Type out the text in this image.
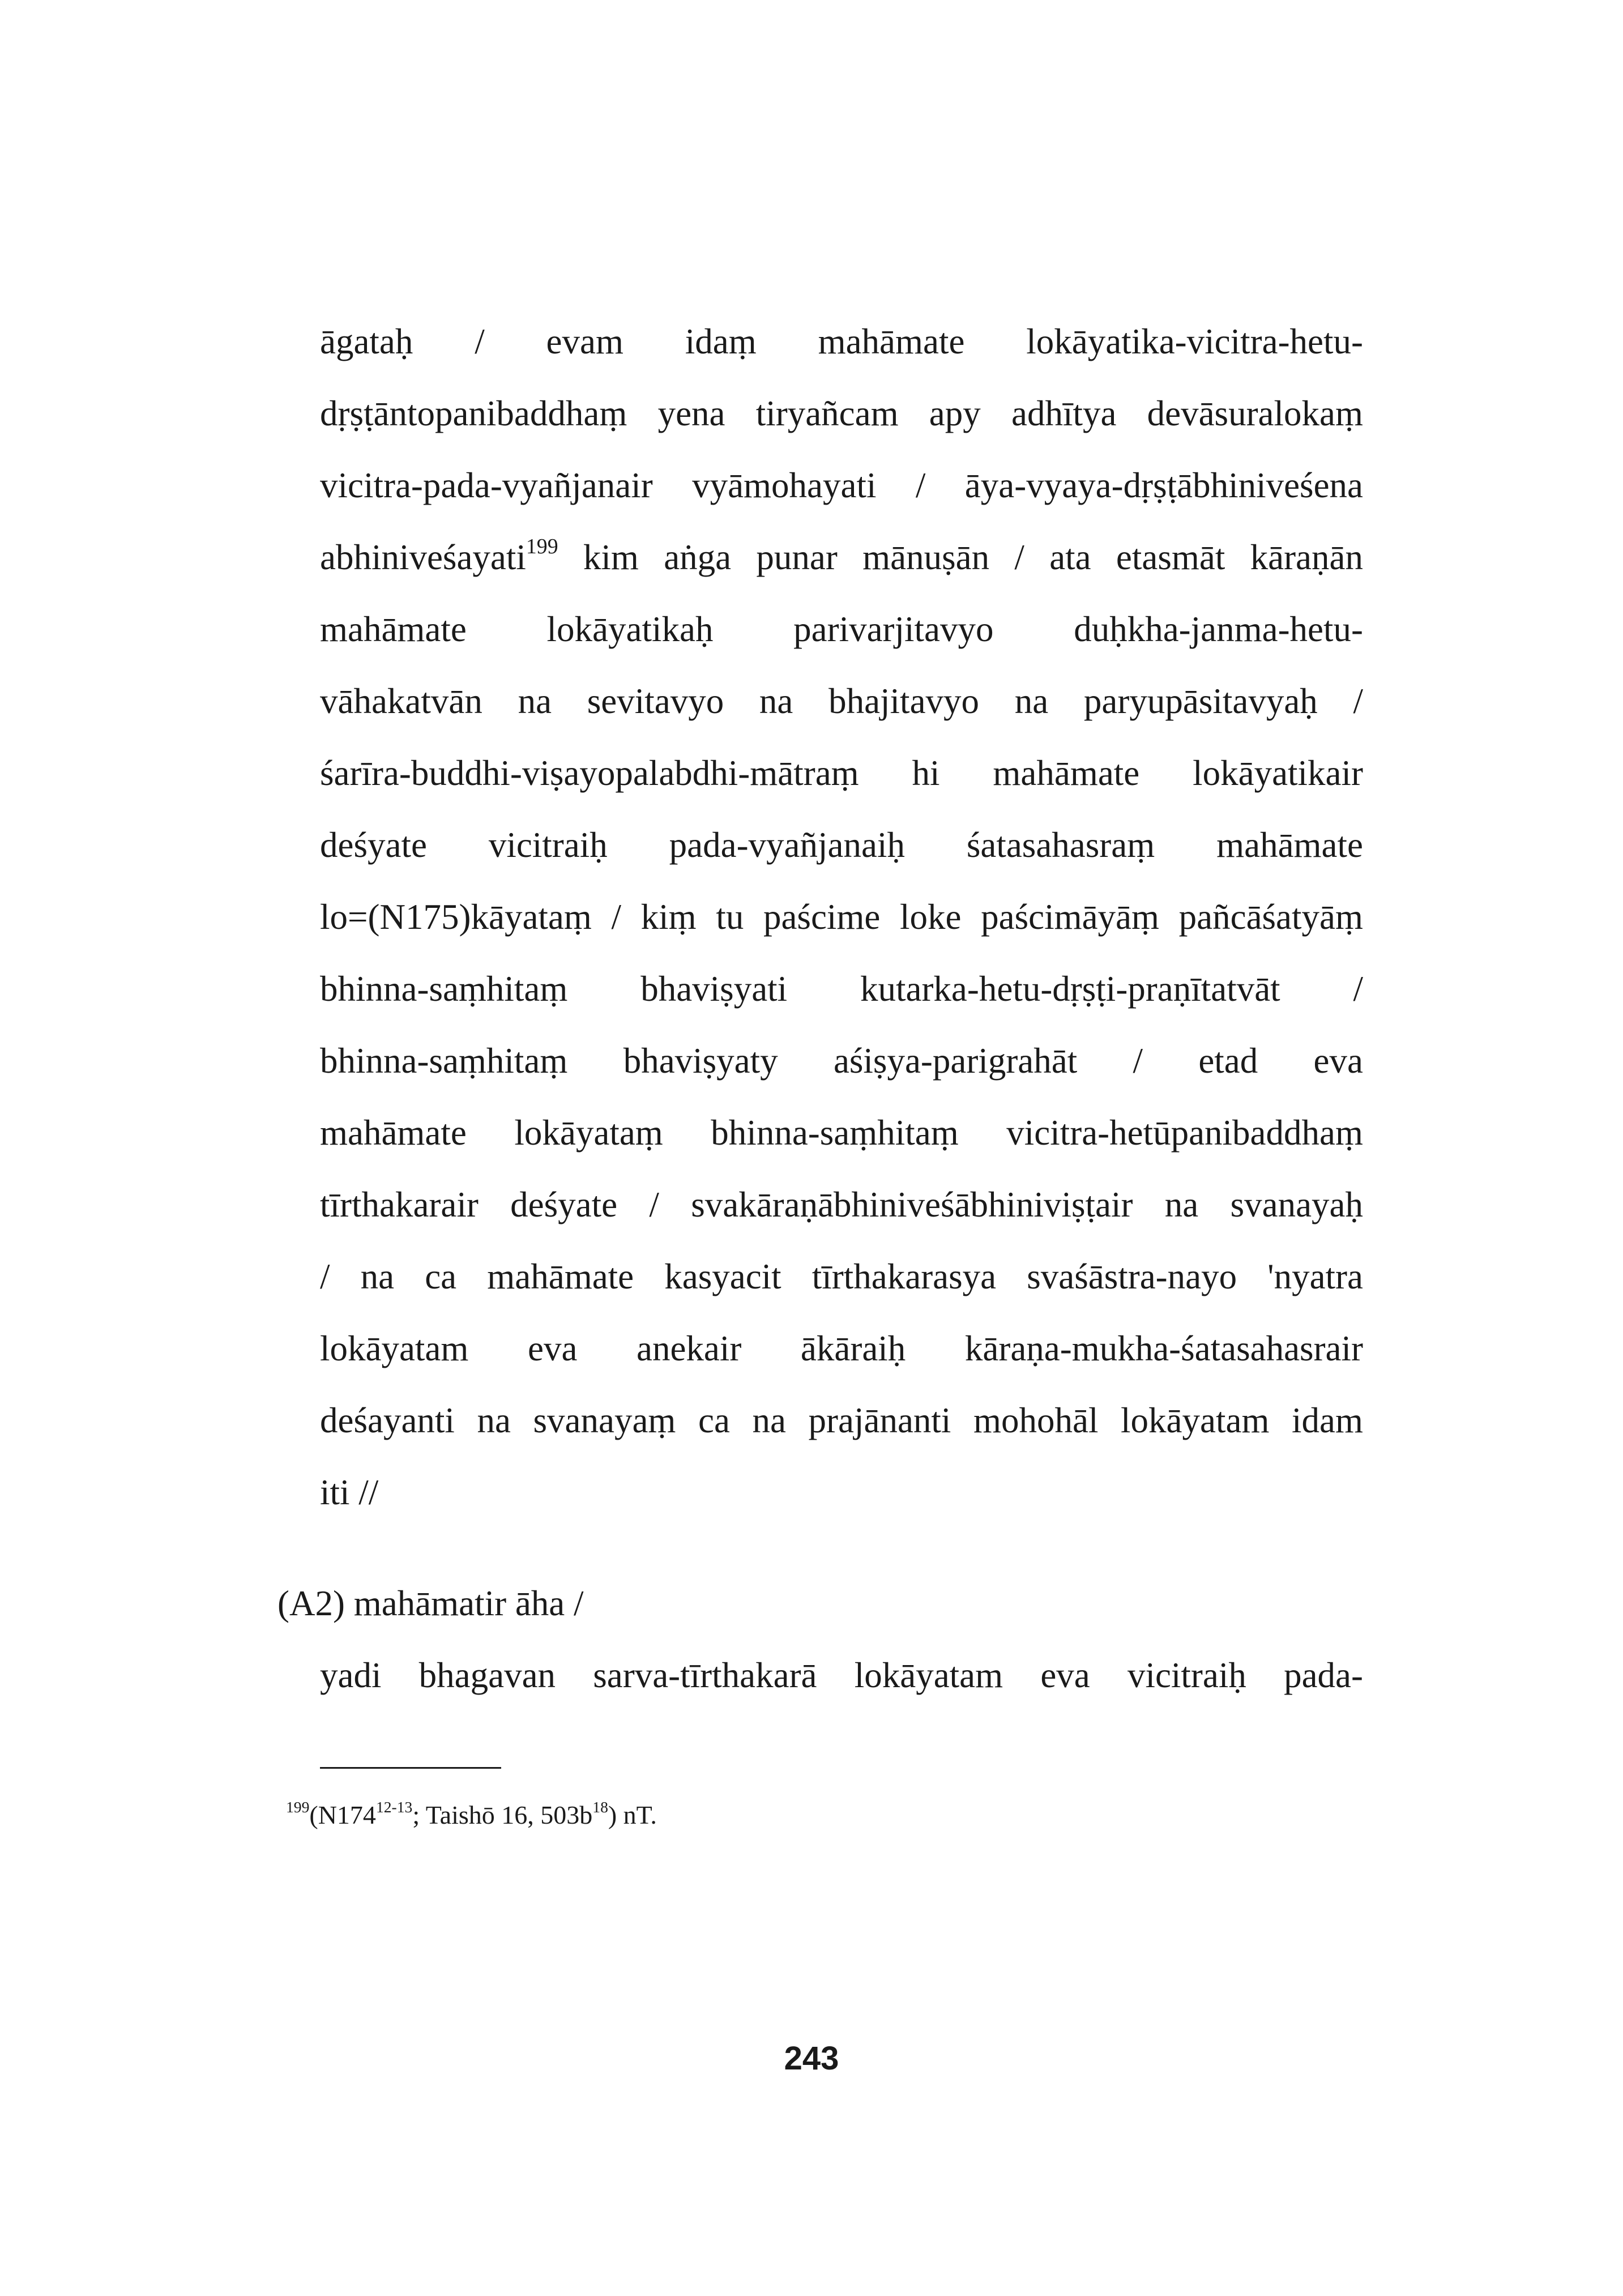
āgataḥ / evam idaṃ mahāmate lokāyatika-vicitra-hetu-
dṛṣṭāntopanibaddhaṃ yena tiryañcam apy adhītya devāsuralokaṃ
vicitra-pada-vyañjanair vyāmohayati / āya-vyaya-dṛṣṭābhiniveśena
abhiniveśayati$^{199}$ kim aṅga punar mānuṣān / ata etasmāt kāraṇān
mahāmate lokāyatikaḥ parivarjitavyo duḥkha-janma-hetu-
vāhakatvān na sevitavyo na bhajitavyo na paryupāsitavyaḥ /
śarīra-buddhi-viṣayopalabdhi-mātraṃ hi mahāmate lokāyatikair
deśyate vicitraiḥ pada-vyañjanaiḥ śatasahasraṃ mahāmate
lo=(N175)kāyataṃ / kiṃ tu paścime loke paścimāyāṃ pañcāśatyāṃ
bhinna-saṃhitaṃ bhaviṣyati kutarka-hetu-dṛṣṭi-praṇītatvāt /
bhinna-saṃhitaṃ bhaviṣyaty aśiṣya-parigrahāt / etad eva
mahāmate lokāyataṃ bhinna-saṃhitaṃ vicitra-hetūpanibaddhaṃ
tīrthakarair deśyate / svakāraṇābhiniveśābhiniviṣṭair na svanayaḥ
/ na ca mahāmate kasyacit tīrthakarasya svaśāstra-nayo 'nyatra
lokāyatam eva anekair ākāraiḥ kāraṇa-mukha-śatasahasrair
deśayanti na svanayaṃ ca na prajānanti mohohāl lokāyatam idam
iti //

(A2) mahāmatir āha /

yadi bhagavan sarva-tīrthakarā lokāyatam eva vicitraiḥ pada-

$^{199}$(N174$^{12-13}$; Taishō 16, $503b^{18}$) nT.

243
